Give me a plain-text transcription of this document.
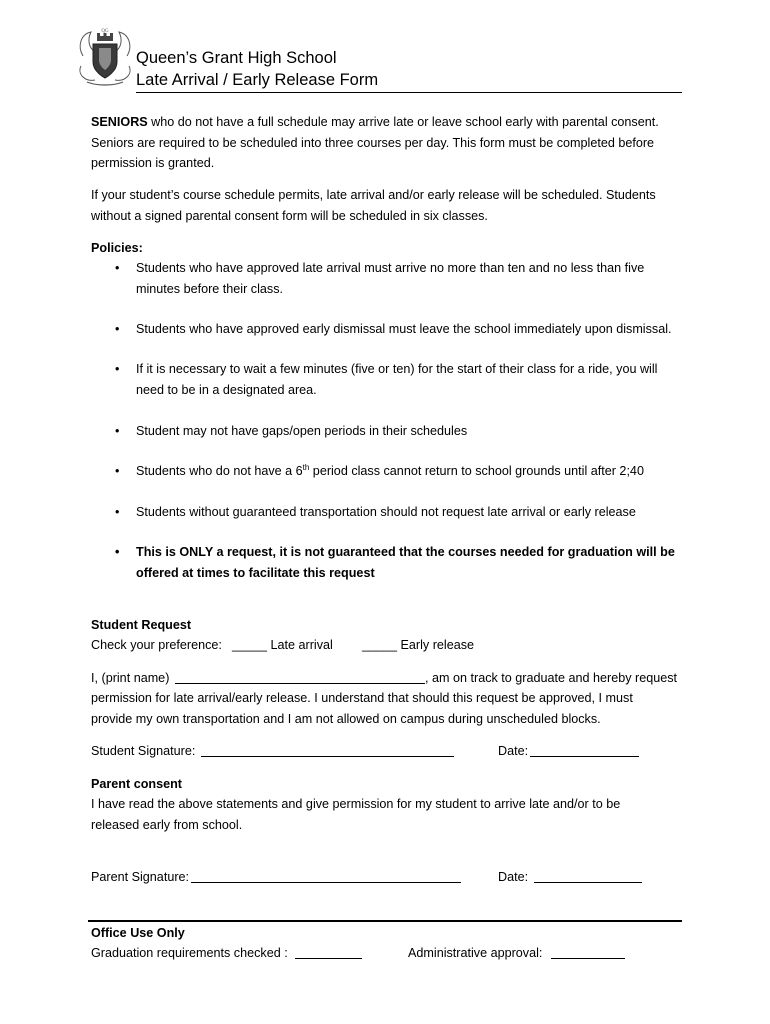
QG
Queen’s Grant High School
Late Arrival / Early Release Form
SENIORS who do not have a full schedule may arrive late or leave school early with parental consent.
Seniors are required to be scheduled into three courses per day. This form must be completed before
permission is granted.
If your student’s course schedule permits, late arrival and/or early release will be scheduled. Students
without a signed parental consent form will be scheduled in six classes.
Policies:
• Students who have approved late arrival must arrive no more than ten and no less than five
minutes before their class.
• Students who have approved early dismissal must leave the school immediately upon dismissal.
• If it is necessary to wait a few minutes (five or ten) for the start of their class for a ride, you will
need to be in a designated area.
• Student may not have gaps/open periods in their schedules
• Students who do not have a 6th period class cannot return to school grounds until after 2;40
• Students without guaranteed transportation should not request late arrival or early release
• This is ONLY a request, it is not guaranteed that the courses needed for graduation will be
offered at times to facilitate this request
Student Request
Check your preference: _____ Late arrival _____ Early release
I, (print name)	, am on track to graduate and hereby request
permission for late arrival/early release. I understand that should this request be approved, I must
provide my own transportation and I am not allowed on campus during unscheduled blocks.
Student Signature:	Date:
Parent consent
I have read the above statements and give permission for my student to arrive late and/or to be
released early from school.
Parent Signature:	Date:
Office Use Only
Graduation requirements checked :	Administrative approval:
